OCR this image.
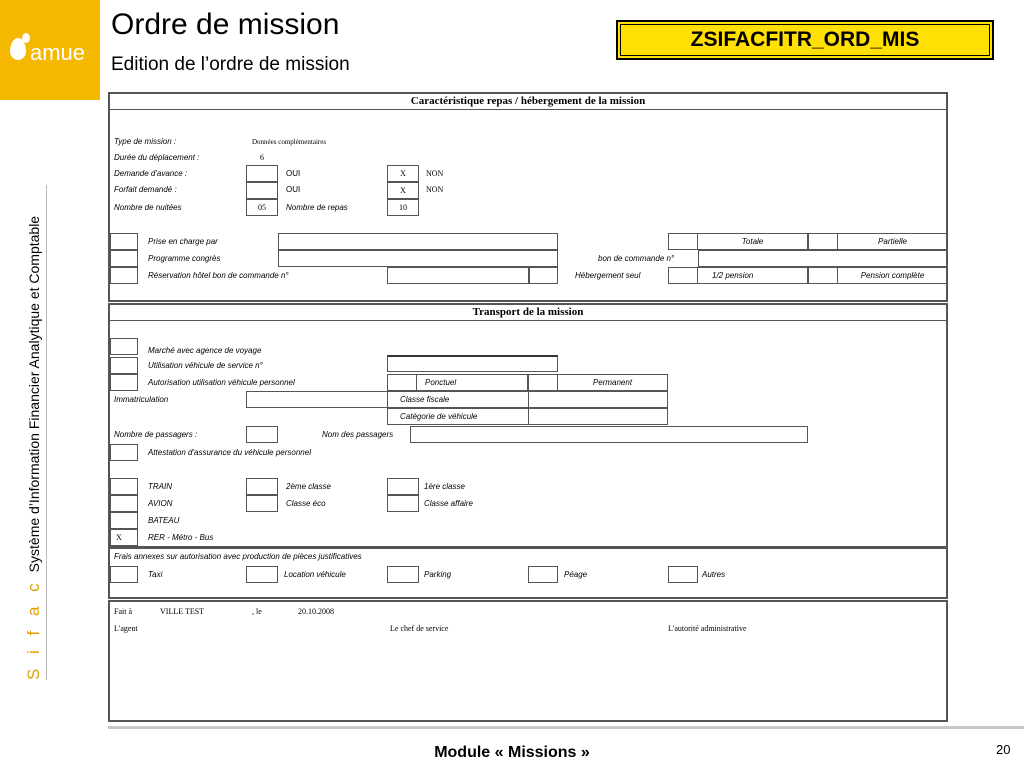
amue
Ordre de mission
Edition de l’ordre de mission
ZSIFACFITR_ORD_MIS
S i f a cSystème d’Information Financier Analytique et Comptable
Caractéristique repas / hébergement de la mission
Type de mission :	Données complémentaires
Durée du déplacement :	6
Demande d'avance :	OUI	X	NON
Forfait demandé :	OUI	X	NON
Nombre de nuitées	05	Nombre de repas	10
Prise en charge par	Totale	Partielle
Programme congrès	bon de commande n°
Réservation hôtel bon de commande n°	Hébergement seul	1/2 pension	Pension complète
Transport de la mission
Marché avec agence de voyage
Utilisation véhicule de service n°
Autorisation utilisation véhicule personnel	Ponctuel	Permanent
Immatriculation	Classe fiscale
Catégorie de véhicule
Nombre de passagers :	Nom des passagers
Attestation d'assurance du véhicule personnel
TRAIN	2ème classe	1ère classe
AVION	Classe éco	Classe affaire
BATEAU
X	RER - Métro - Bus
Frais annexes sur autorisation avec production de pièces justificatives
Taxi	Location véhicule	Parking	Péage	Autres
Fait à	VILLE TEST	, le	20.10.2008
L'agent	Le chef de service	L'autorité administrative
Module « Missions »	20
